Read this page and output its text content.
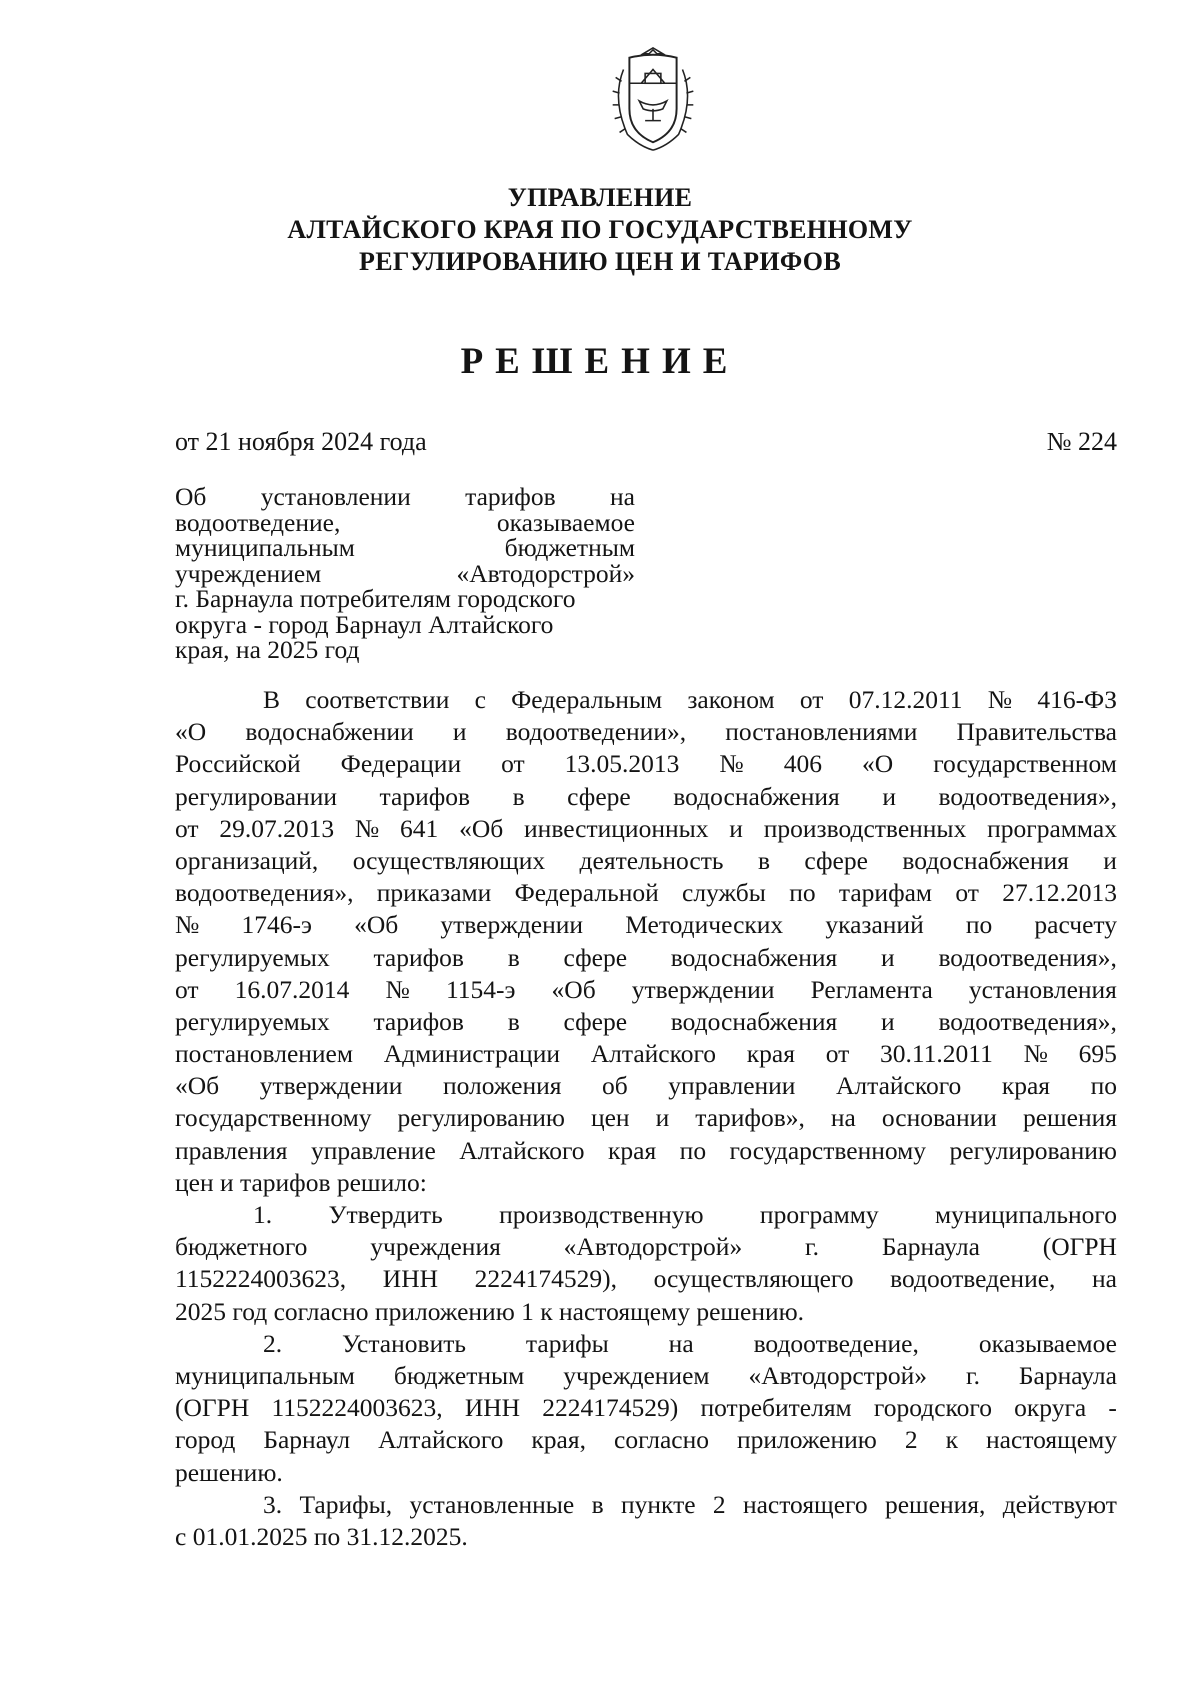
УПРАВЛЕНИЕ
АЛТАЙСКОГО КРАЯ ПО ГОСУДАРСТВЕННОМУ
РЕГУЛИРОВАНИЮ ЦЕН И ТАРИФОВ
РЕШЕНИЕ
от 21 ноября 2024 года	№ 224
Об установлении тарифов на
водоотведение,	оказываемое
муниципальным	бюджетным
учреждением	«Автодорстрой»
г. Барнаула потребителям городского
округа - город Барнаул Алтайского
края, на 2025 год
В соответствии с Федеральным законом от 07.12.2011 № 416-ФЗ
«О водоснабжении и водоотведении», постановлениями Правительства
Российской Федерации от 13.05.2013 № 406 «О государственном
регулировании тарифов в сфере водоснабжения и водоотведения»,
от 29.07.2013 № 641 «Об инвестиционных и производственных программах
организаций, осуществляющих деятельность в сфере водоснабжения и
водоотведения», приказами Федеральной службы по тарифам от 27.12.2013
№ 1746-э «Об утверждении Методических указаний по расчету
регулируемых тарифов в сфере водоснабжения и водоотведения»,
от 16.07.2014 № 1154-э «Об утверждении Регламента установления
регулируемых тарифов в сфере водоснабжения и водоотведения»,
постановлением Администрации Алтайского края от 30.11.2011 № 695
«Об утверждении положения об управлении Алтайского края по
государственному регулированию цен и тарифов», на основании решения
правления управление Алтайского края по государственному регулированию
цен и тарифов решило:
1. Утвердить производственную программу муниципального
бюджетного учреждения «Автодорстрой» г. Барнаула (ОГРН
1152224003623, ИНН 2224174529), осуществляющего водоотведение, на
2025 год согласно приложению 1 к настоящему решению.
2. Установить тарифы на водоотведение, оказываемое
муниципальным бюджетным учреждением «Автодорстрой» г. Барнаула
(ОГРН 1152224003623, ИНН 2224174529) потребителям городского округа -
город Барнаул Алтайского края, согласно приложению 2 к настоящему
решению.
3. Тарифы, установленные в пункте 2 настоящего решения, действуют
с 01.01.2025 по 31.12.2025.
